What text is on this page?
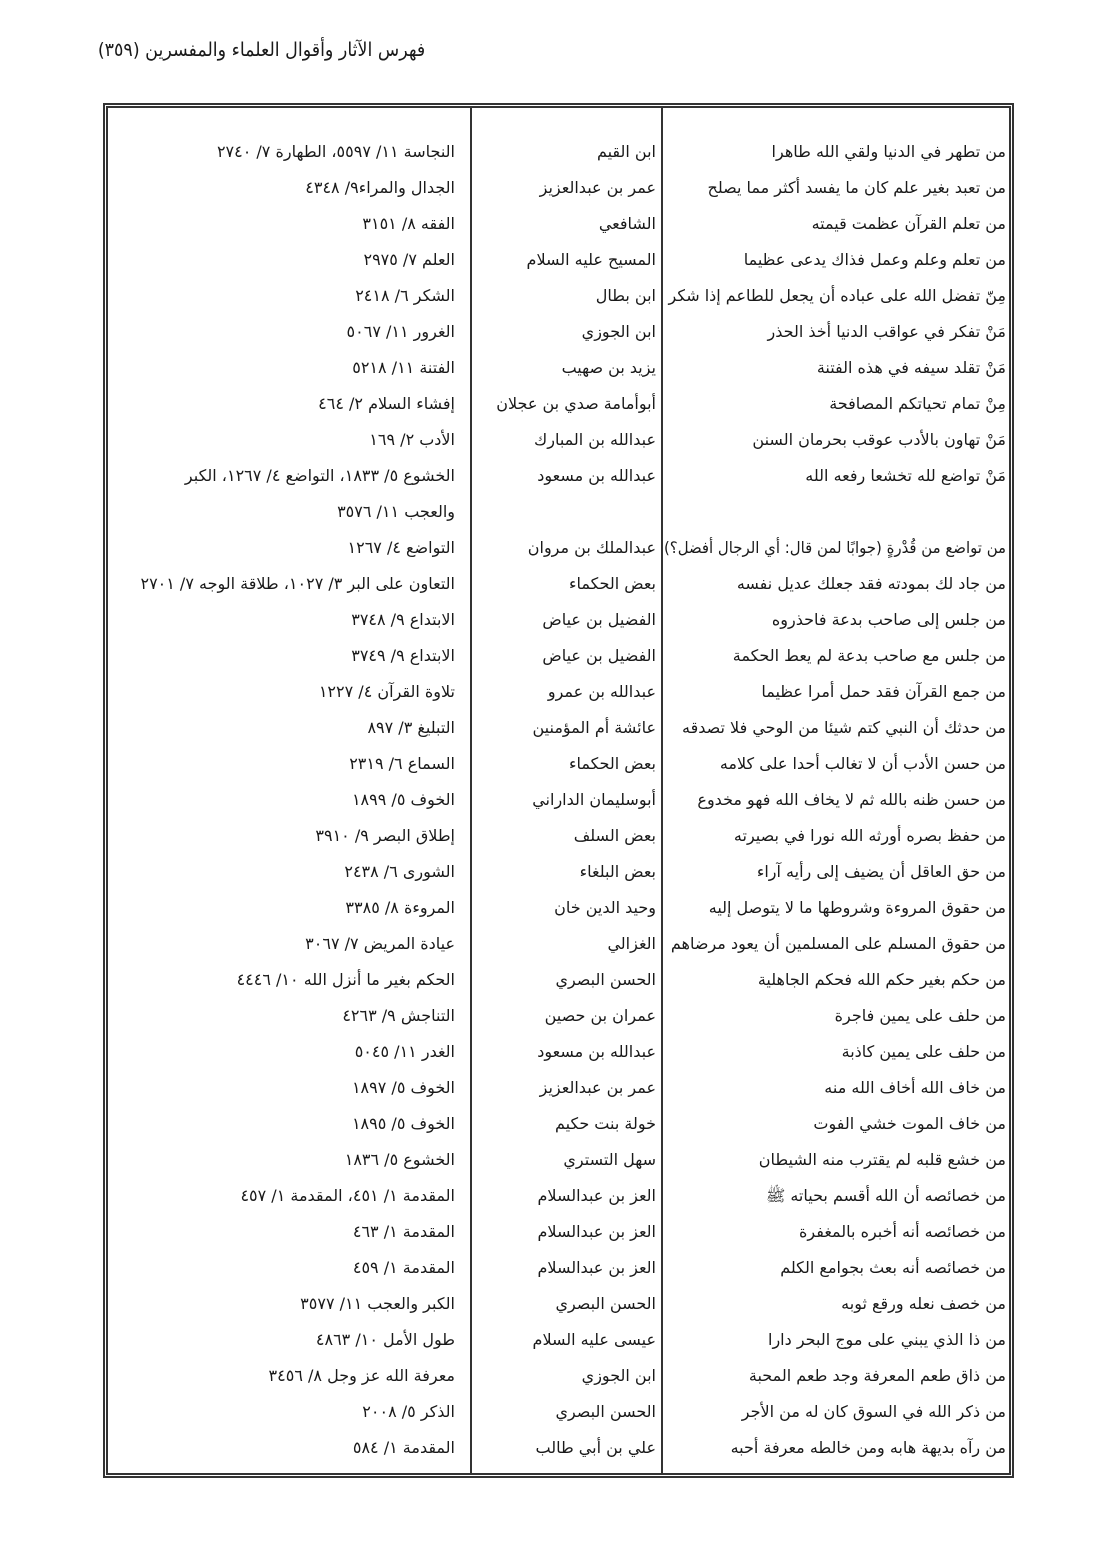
فهرس الآثار وأقوال العلماء والمفسرين (٣٥٩)
من تطهر في الدنيا ولقي الله طاهرا
ابن القيم
النجاسة ١١/ ٥٥٩٧، الطهارة ٧/ ٢٧٤٠
من تعبد بغير علم كان ما يفسد أكثر مما يصلح
عمر بن عبدالعزيز
الجدال والمراء٩/ ٤٣٤٨
من تعلم القرآن عظمت قيمته
الشافعي
الفقه ٨/ ٣١٥١
من تعلم وعلم وعمل فذاك يدعى عظيما
المسيح عليه السلام
العلم ٧/ ٢٩٧٥
مِنّ تفضل الله على عباده أن يجعل للطاعم إذا شكر
ابن بطال
الشكر ٦/ ٢٤١٨
مَنْ تفكر في عواقب الدنيا أخذ الحذر
ابن الجوزي
الغرور ١١/ ٥٠٦٧
مَنْ تقلد سيفه في هذه الفتنة
يزيد بن صهيب
الفتنة ١١/ ٥٢١٨
مِنْ تمام تحياتكم المصافحة
أبوأمامة صدي بن عجلان
إفشاء السلام ٢/ ٤٦٤
مَنْ تهاون بالأدب عوقب بحرمان السنن
عبدالله بن المبارك
الأدب ٢/ ١٦٩
مَنْ تواضع لله تخشعا رفعه الله
عبدالله بن مسعود
الخشوع ٥/ ١٨٣٣، التواضع ٤/ ١٢٦٧، الكبر
والعجب ١١/ ٣٥٧٦
من تواضع من قُدْرةٍ (جوابًا لمن قال: أي الرجال أفضل؟)
عبدالملك بن مروان
التواضع ٤/ ١٢٦٧
من جاد لك بمودته فقد جعلك عديل نفسه
بعض الحكماء
التعاون على البر ٣/ ١٠٢٧، طلاقة الوجه ٧/ ٢٧٠١
من جلس إلى صاحب بدعة فاحذروه
الفضيل بن عياض
الابتداع ٩/ ٣٧٤٨
من جلس مع صاحب بدعة لم يعط الحكمة
الفضيل بن عياض
الابتداع ٩/ ٣٧٤٩
من جمع القرآن فقد حمل أمرا عظيما
عبدالله بن عمرو
تلاوة القرآن ٤/ ١٢٢٧
من حدثك أن النبي كتم شيئا من الوحي فلا تصدقه
عائشة أم المؤمنين
التبليغ ٣/ ٨٩٧
من حسن الأدب أن لا تغالب أحدا على كلامه
بعض الحكماء
السماع ٦/ ٢٣١٩
من حسن ظنه بالله ثم لا يخاف الله فهو مخدوع
أبوسليمان الداراني
الخوف ٥/ ١٨٩٩
من حفظ بصره أورثه الله نورا في بصيرته
بعض السلف
إطلاق البصر ٩/ ٣٩١٠
من حق العاقل أن يضيف إلى رأيه آراء
بعض البلغاء
الشورى ٦/ ٢٤٣٨
من حقوق المروءة وشروطها ما لا يتوصل إليه
وحيد الدين خان
المروءة ٨/ ٣٣٨٥
من حقوق المسلم على المسلمين أن يعود مرضاهم
الغزالي
عيادة المريض ٧/ ٣٠٦٧
من حكم بغير حكم الله فحكم الجاهلية
الحسن البصري
الحكم بغير ما أنزل الله ١٠/ ٤٤٤٦
من حلف على يمين فاجرة
عمران بن حصين
التناجش ٩/ ٤٢٦٣
من حلف على يمين كاذبة
عبدالله بن مسعود
الغدر ١١/ ٥٠٤٥
من خاف الله أخاف الله منه
عمر بن عبدالعزيز
الخوف ٥/ ١٨٩٧
من خاف الموت خشي الفوت
خولة بنت حكيم
الخوف ٥/ ١٨٩٥
من خشع قلبه لم يقترب منه الشيطان
سهل التستري
الخشوع ٥/ ١٨٣٦
من خصائصه أن الله أقسم بحياته ﷺ
العز بن عبدالسلام
المقدمة ١/ ٤٥١، المقدمة ١/ ٤٥٧
من خصائصه أنه أخبره بالمغفرة
العز بن عبدالسلام
المقدمة ١/ ٤٦٣
من خصائصه أنه بعث بجوامع الكلم
العز بن عبدالسلام
المقدمة ١/ ٤٥٩
من خصف نعله ورقع ثوبه
الحسن البصري
الكبر والعجب ١١/ ٣٥٧٧
من ذا الذي يبني على موج البحر دارا
عيسى عليه السلام
طول الأمل ١٠/ ٤٨٦٣
من ذاق طعم المعرفة وجد طعم المحبة
ابن الجوزي
معرفة الله عز وجل ٨/ ٣٤٥٦
من ذكر الله في السوق كان له من الأجر
الحسن البصري
الذكر ٥/ ٢٠٠٨
من رآه بديهة هابه ومن خالطه معرفة أحبه
علي بن أبي طالب
المقدمة ١/ ٥٨٤
